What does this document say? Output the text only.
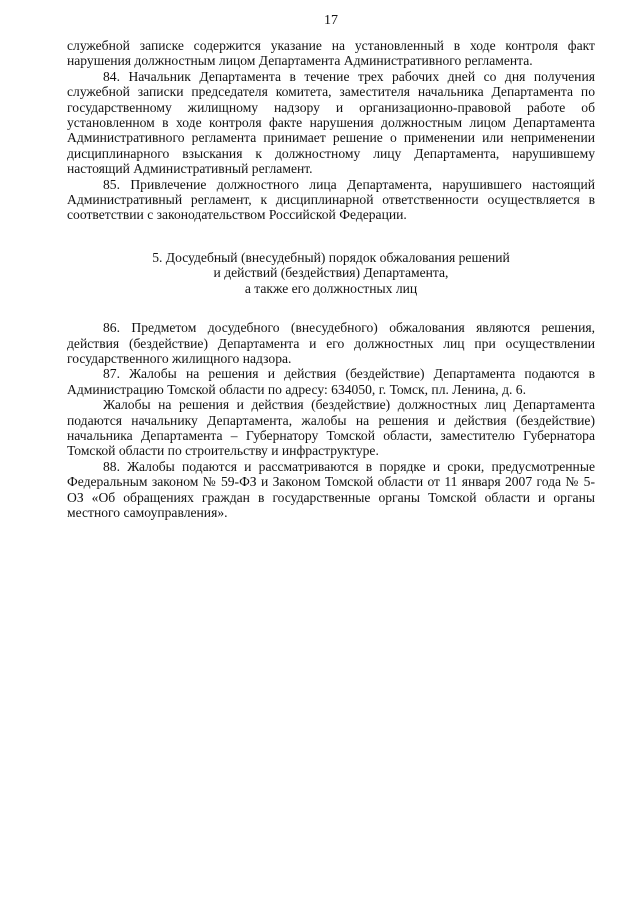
17

служебной записке содержится указание на установленный в ходе контроля факт нарушения должностным лицом Департамента Административного регламента.

84. Начальник Департамента в течение трех рабочих дней со дня получения служебной записки председателя комитета, заместителя начальника Департамента по государственному жилищному надзору и организационно-правовой работе об установленном в ходе контроля факте нарушения должностным лицом Департамента Административного регламента принимает решение о применении или неприменении дисциплинарного взыскания к должностному лицу Департамента, нарушившему настоящий Административный регламент.

85. Привлечение должностного лица Департамента, нарушившего настоящий Административный регламент, к дисциплинарной ответственности осуществляется в соответствии с законодательством Российской Федерации.

5. Досудебный (внесудебный) порядок обжалования решений
и действий (бездействия) Департамента,
а также его должностных лиц

86. Предметом досудебного (внесудебного) обжалования являются решения, действия (бездействие) Департамента и его должностных лиц при осуществлении государственного жилищного надзора.

87. Жалобы на решения и действия (бездействие) Департамента подаются в Администрацию Томской области по адресу: 634050, г. Томск, пл. Ленина, д. 6.

Жалобы на решения и действия (бездействие) должностных лиц Департамента подаются начальнику Департамента, жалобы на решения и действия (бездействие) начальника Департамента – Губернатору Томской области, заместителю Губернатора Томской области по строительству и инфраструктуре.

88. Жалобы подаются и рассматриваются в порядке и сроки, предусмотренные Федеральным законом № 59-ФЗ и Законом Томской области от 11 января 2007 года № 5-ОЗ «Об обращениях граждан в государственные органы Томской области и органы местного самоуправления».
